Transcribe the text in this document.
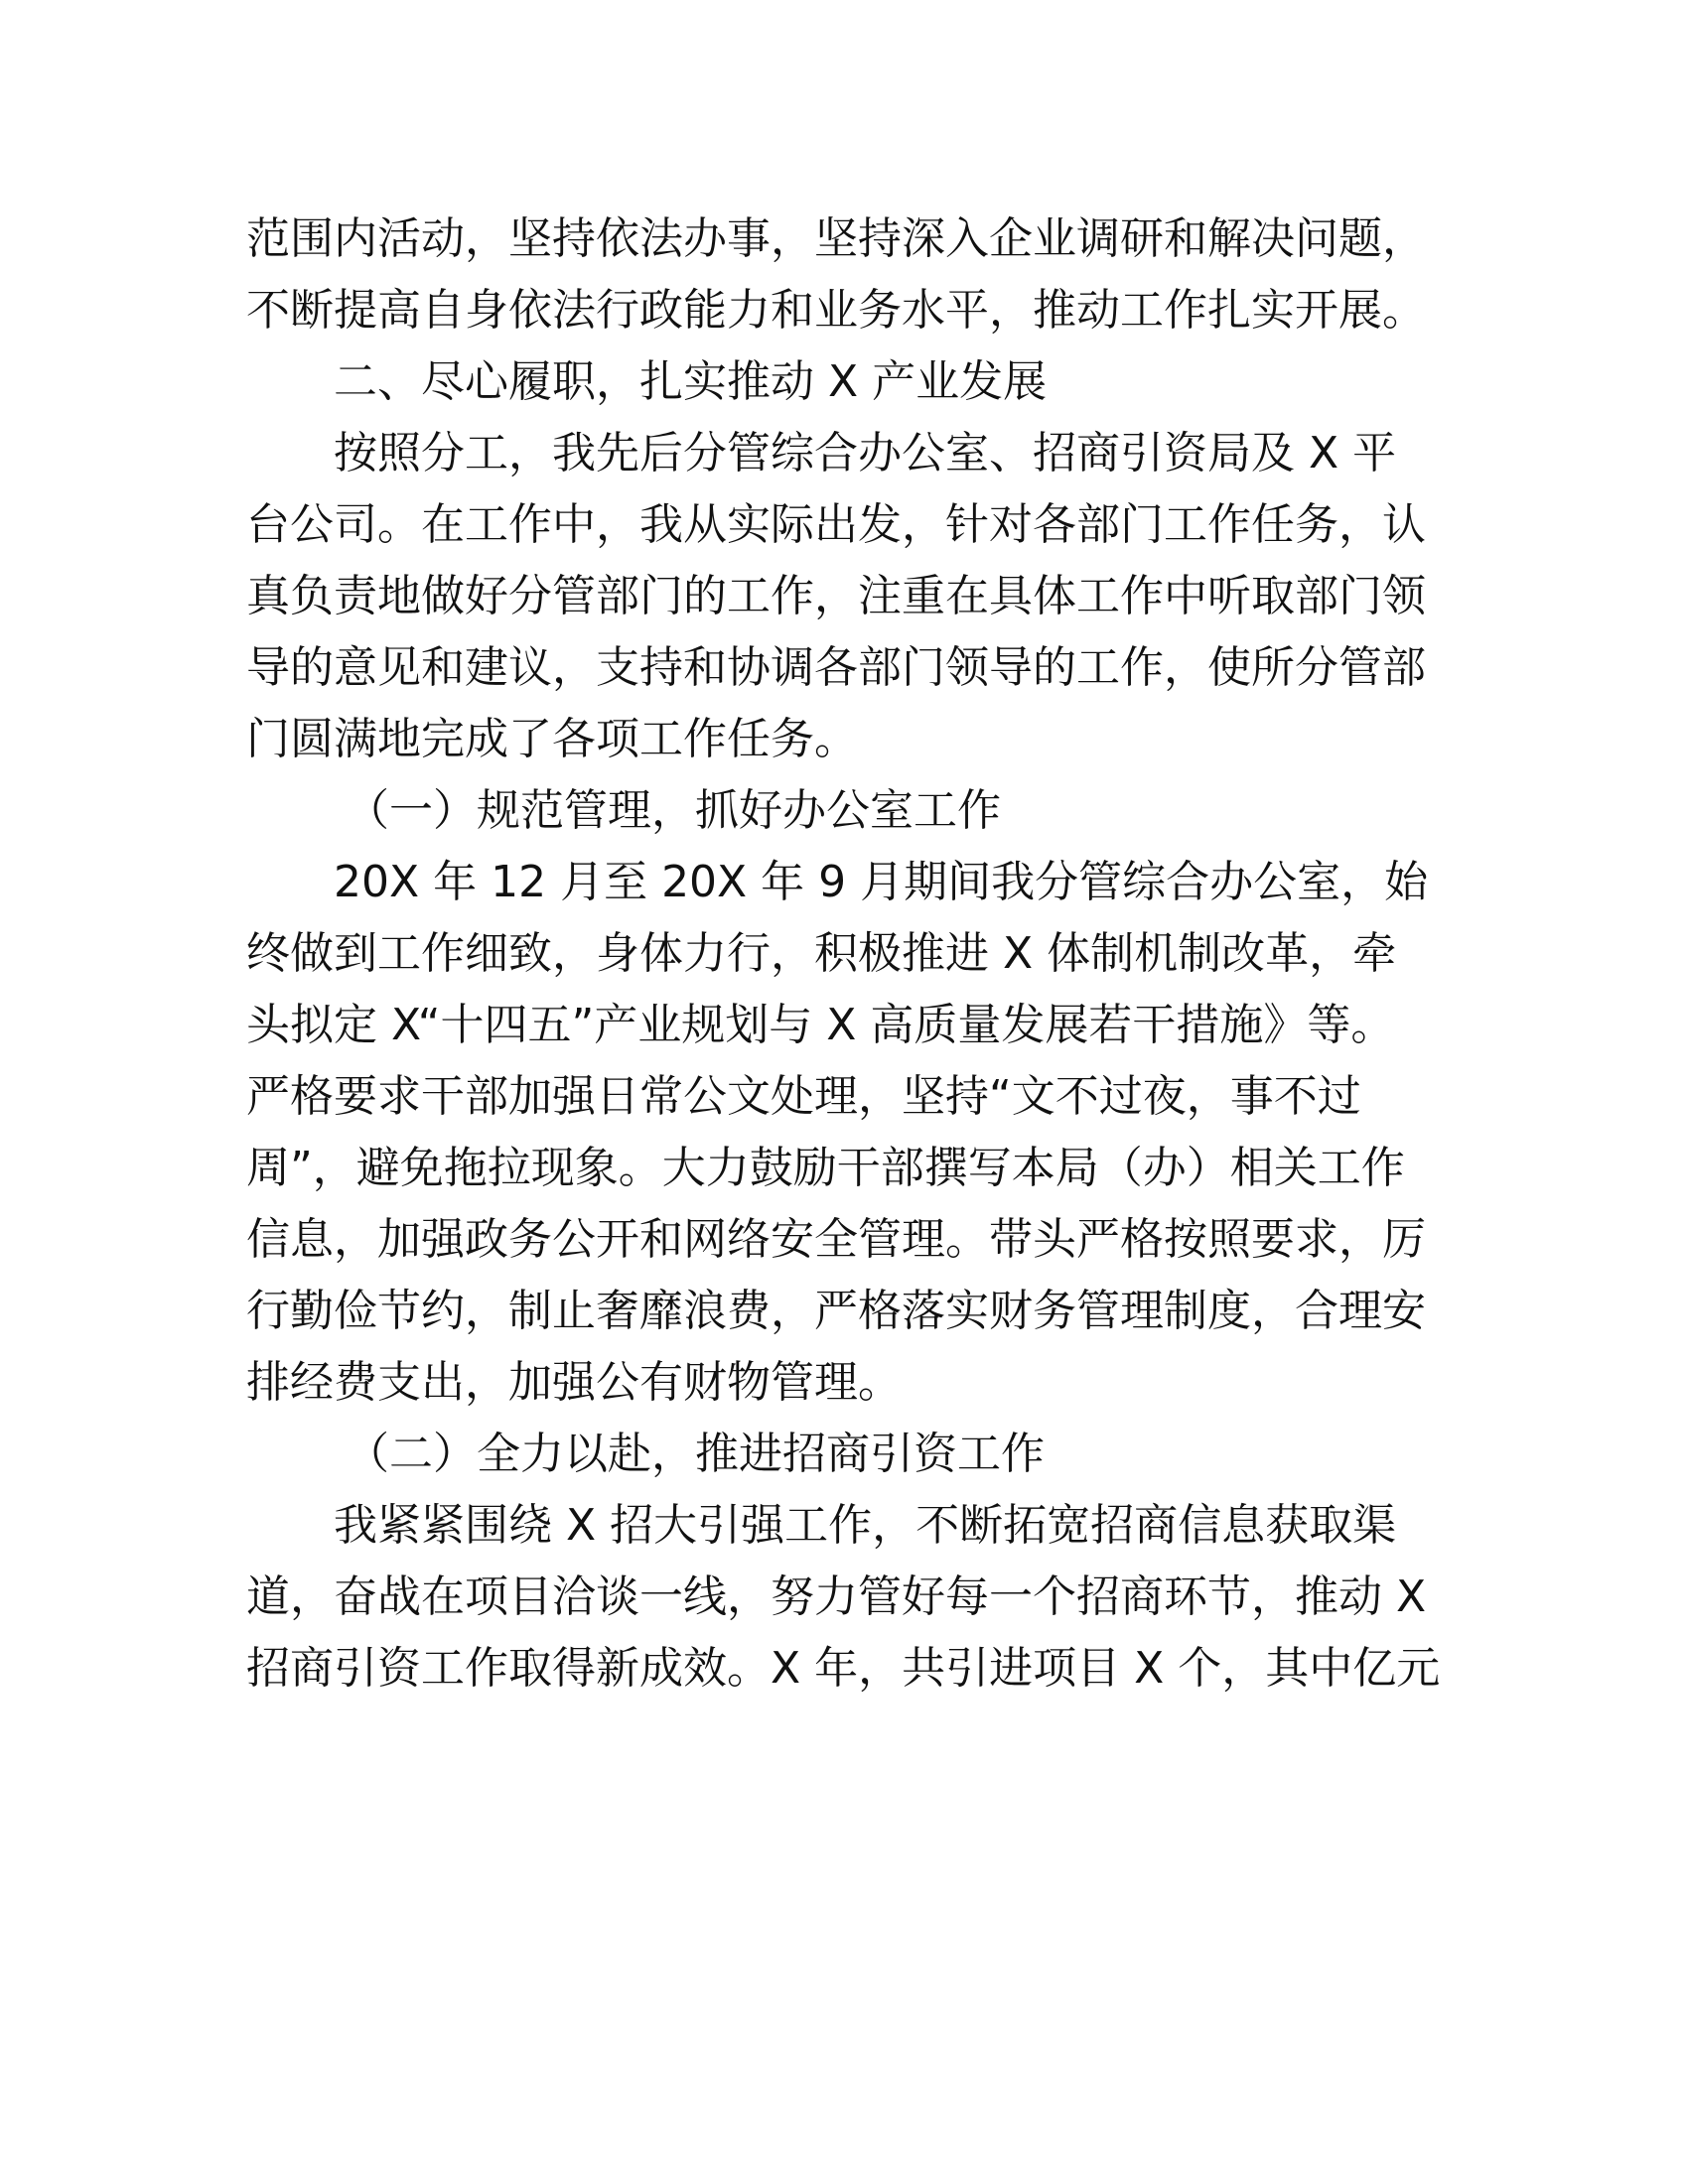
范围内活动，坚持依法办事，坚持深入企业调研和解决问题，
不断提高自身依法行政能力和业务水平，推动工作扎实开展。
二、尽心履职，扎实推动 X 产业发展
按照分工，我先后分管综合办公室、招商引资局及 X 平
台公司。在工作中，我从实际出发，针对各部门工作任务，认
真负责地做好分管部门的工作，注重在具体工作中听取部门领
导的意见和建议，支持和协调各部门领导的工作，使所分管部
门圆满地完成了各项工作任务。
（一）规范管理，抓好办公室工作
20X 年 12 月至 20X 年 9 月期间我分管综合办公室，始
终做到工作细致，身体力行，积极推进 X 体制机制改革，牵
头拟定 X“十四五”产业规划与 X 高质量发展若干措施》等。
严格要求干部加强日常公文处理，坚持“文不过夜，事不过
周”，避免拖拉现象。大力鼓励干部撰写本局（办）相关工作
信息，加强政务公开和网络安全管理。带头严格按照要求，厉
行勤俭节约，制止奢靡浪费，严格落实财务管理制度，合理安
排经费支出，加强公有财物管理。
（二）全力以赴，推进招商引资工作
我紧紧围绕 X 招大引强工作，不断拓宽招商信息获取渠
道，奋战在项目洽谈一线，努力管好每一个招商环节，推动 X
招商引资工作取得新成效。X 年，共引进项目 X 个，其中亿元
